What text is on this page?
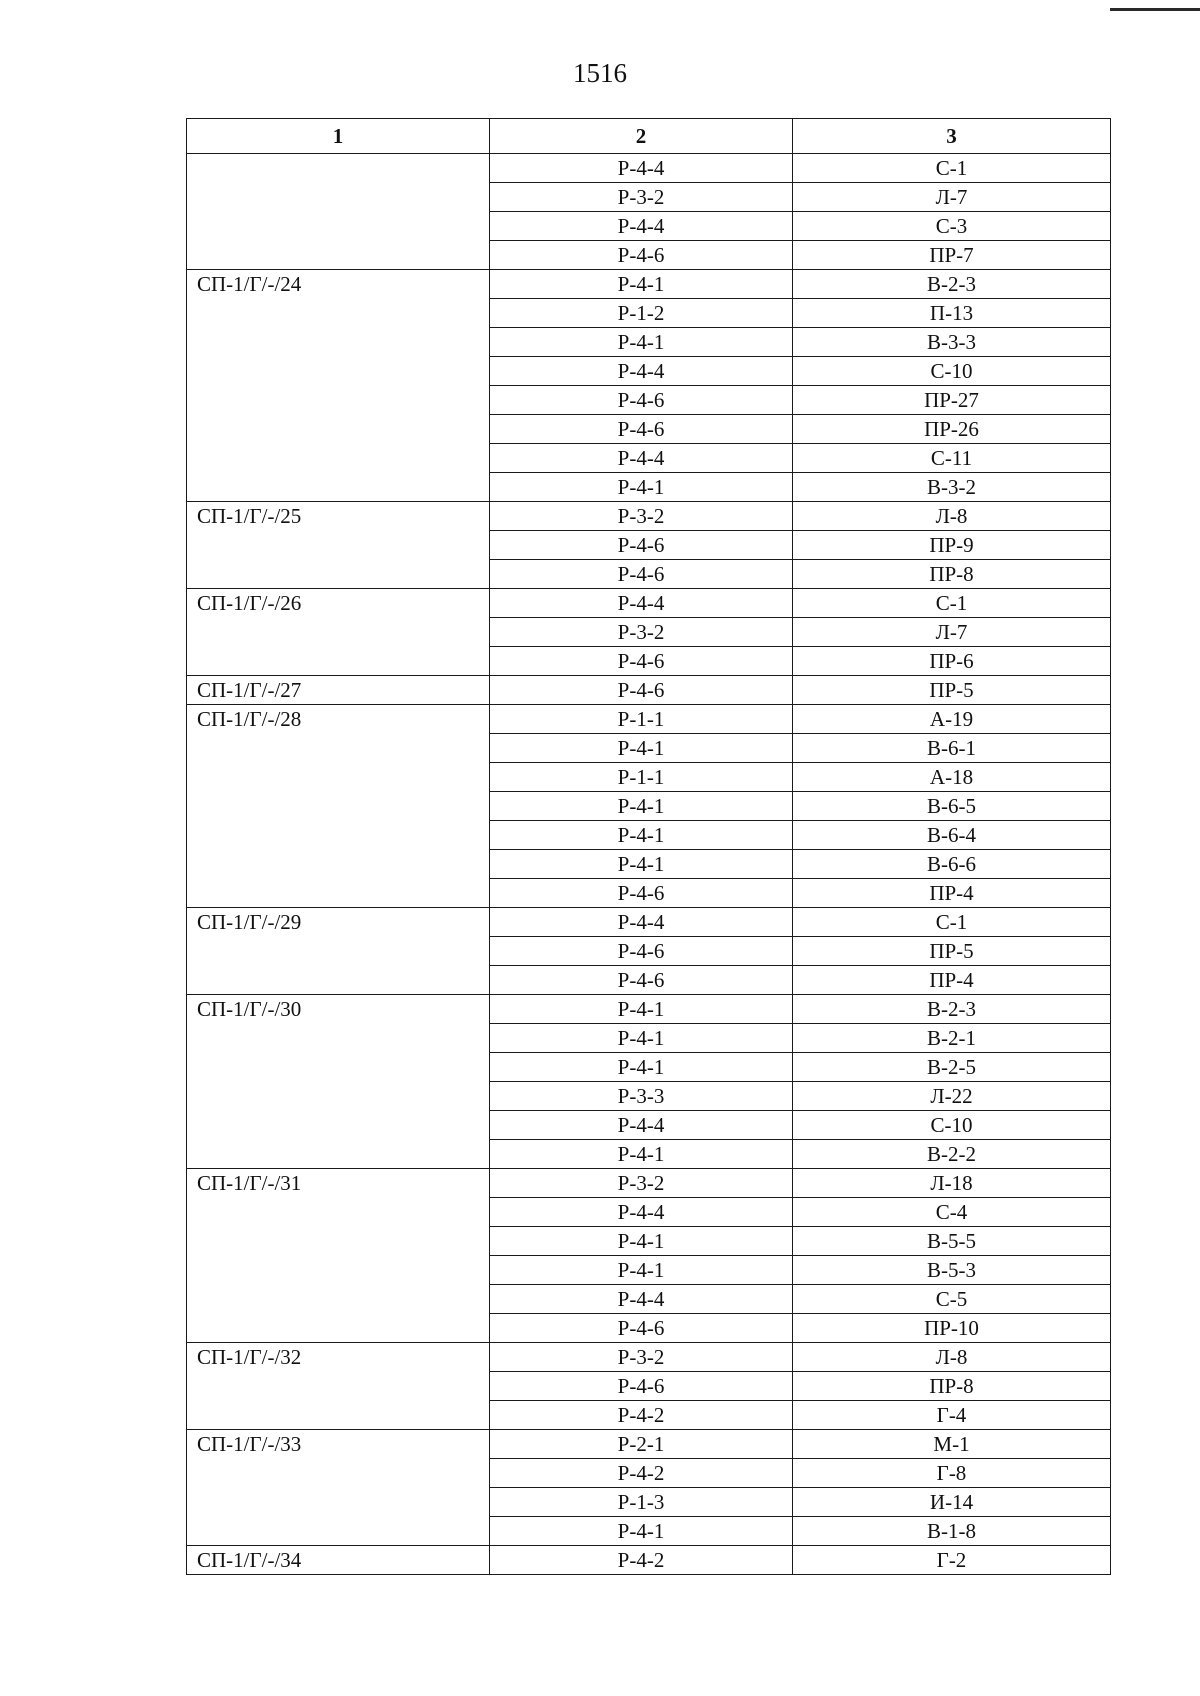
1516
1	2	3
	Р-4-4	С-1
	Р-3-2	Л-7
	Р-4-4	С-3
	Р-4-6	ПР-7
СП-1/Г/-/24	Р-4-1	В-2-3
	Р-1-2	П-13
	Р-4-1	В-3-3
	Р-4-4	С-10
	Р-4-6	ПР-27
	Р-4-6	ПР-26
	Р-4-4	С-11
	Р-4-1	В-3-2
СП-1/Г/-/25	Р-3-2	Л-8
	Р-4-6	ПР-9
	Р-4-6	ПР-8
СП-1/Г/-/26	Р-4-4	С-1
	Р-3-2	Л-7
	Р-4-6	ПР-6
СП-1/Г/-/27	Р-4-6	ПР-5
СП-1/Г/-/28	Р-1-1	А-19
	Р-4-1	В-6-1
	Р-1-1	А-18
	Р-4-1	В-6-5
	Р-4-1	В-6-4
	Р-4-1	В-6-6
	Р-4-6	ПР-4
СП-1/Г/-/29	Р-4-4	С-1
	Р-4-6	ПР-5
	Р-4-6	ПР-4
СП-1/Г/-/30	Р-4-1	В-2-3
	Р-4-1	В-2-1
	Р-4-1	В-2-5
	Р-3-3	Л-22
	Р-4-4	С-10
	Р-4-1	В-2-2
СП-1/Г/-/31	Р-3-2	Л-18
	Р-4-4	С-4
	Р-4-1	В-5-5
	Р-4-1	В-5-3
	Р-4-4	С-5
	Р-4-6	ПР-10
СП-1/Г/-/32	Р-3-2	Л-8
	Р-4-6	ПР-8
	Р-4-2	Г-4
СП-1/Г/-/33	Р-2-1	М-1
	Р-4-2	Г-8
	Р-1-3	И-14
	Р-4-1	В-1-8
СП-1/Г/-/34	Р-4-2	Г-2
